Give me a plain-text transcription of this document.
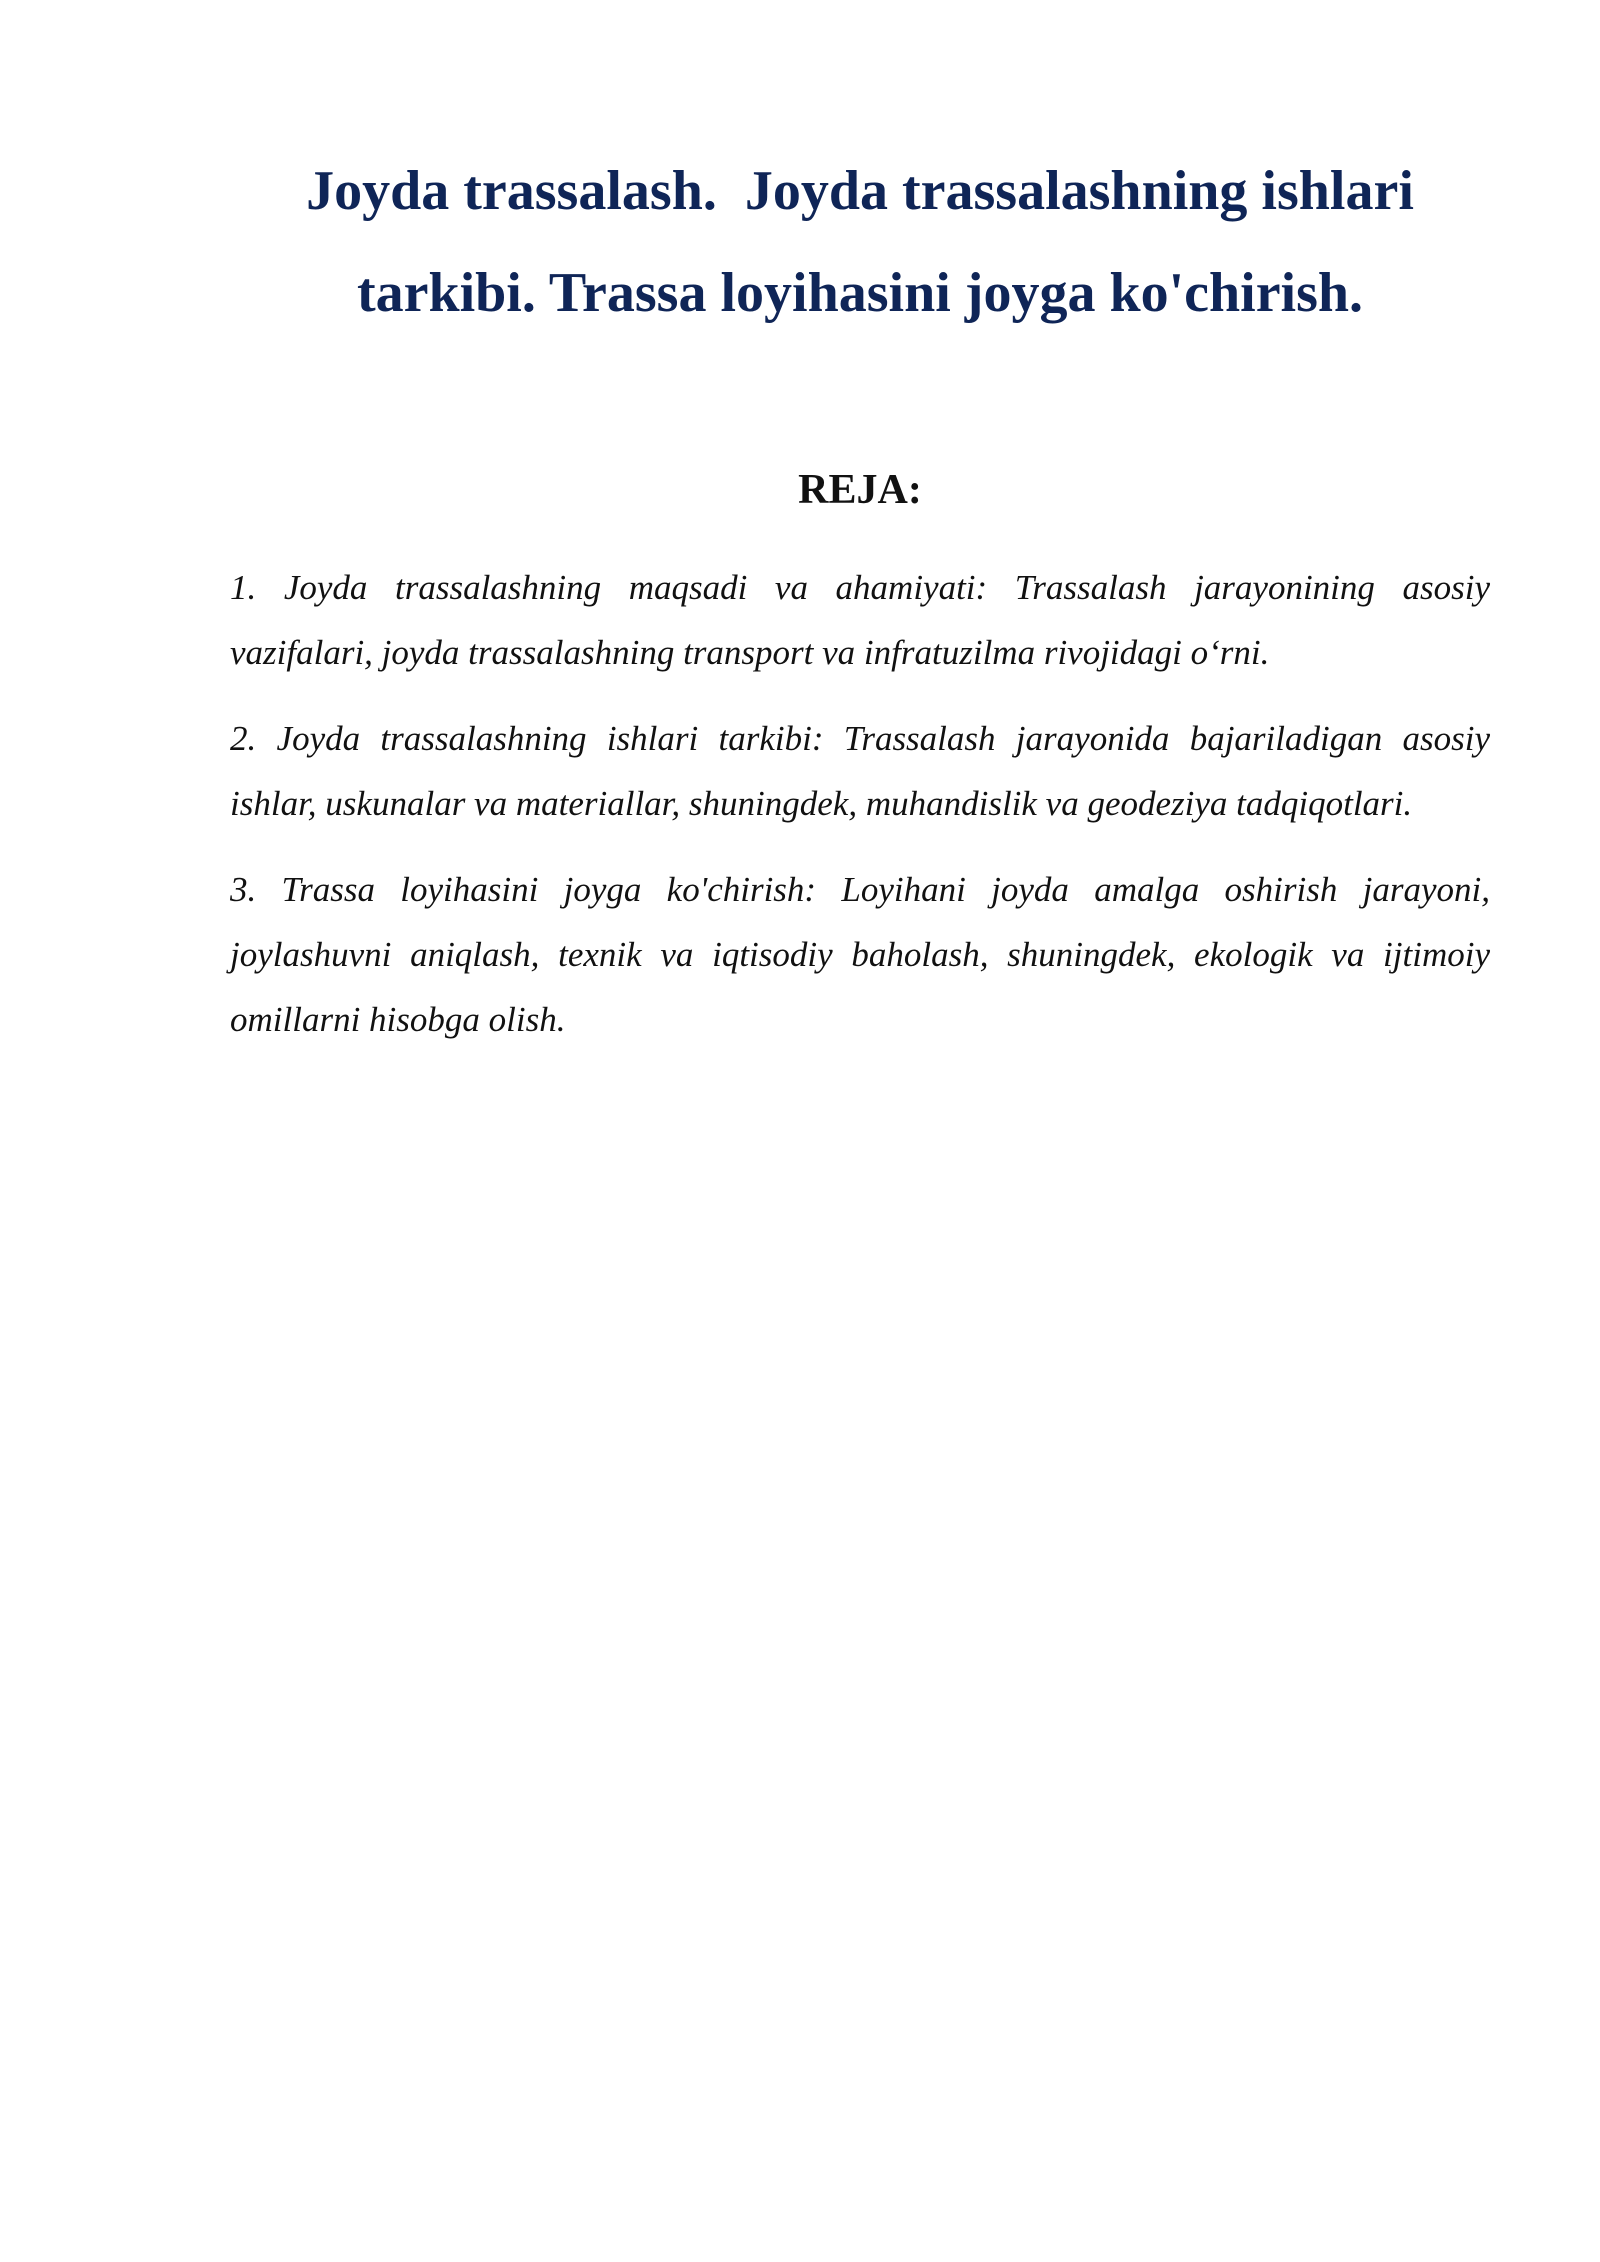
Joyda trassalash.  Joyda trassalashning ishlari
tarkibi. Trassa loyihasini joyga ko'chirish.
REJA:
1. Joyda trassalashning maqsadi va ahamiyati: Trassalash jarayonining asosiy vazifalari, joyda trassalashning transport va infratuzilma rivojidagi o‘rni.
2. Joyda trassalashning ishlari tarkibi: Trassalash jarayonida bajariladigan asosiy ishlar, uskunalar va materiallar, shuningdek, muhandislik va geodeziya tadqiqotlari.
3. Trassa loyihasini joyga ko'chirish: Loyihani joyda amalga oshirish jarayoni, joylashuvni aniqlash, texnik va iqtisodiy baholash, shuningdek, ekologik va ijtimoiy omillarni hisobga olish.
